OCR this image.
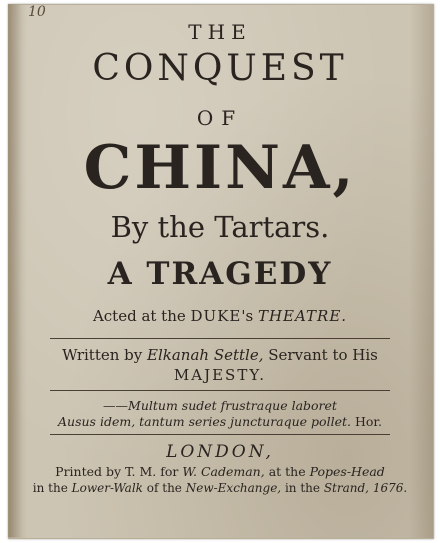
10
THE
CONQUEST
OF
CHINA,
By the Tartars.
A TRAGEDY
Acted at the DUKE's THEATRE.
Written by Elkanah Settle, Servant to His
MAJESTY.
——Multum sudet frustraque laboret
Ausus idem, tantum series juncturaque pollet. Hor.
LONDON,
Printed by T. M. for W. Cademan, at the Popes-Head
in the Lower-Walk of the New-Exchange, in the Strand, 1676.
